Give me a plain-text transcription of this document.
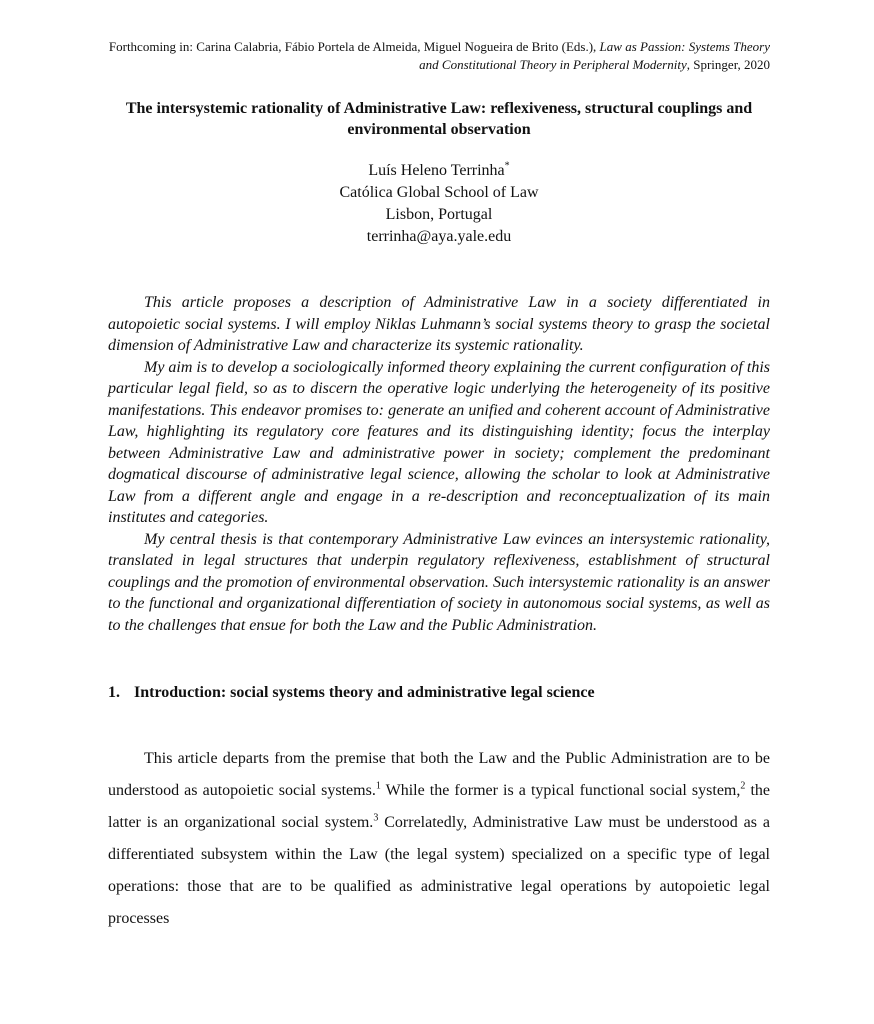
Forthcoming in: Carina Calabria, Fábio Portela de Almeida, Miguel Nogueira de Brito (Eds.), Law as Passion: Systems Theory and Constitutional Theory in Peripheral Modernity, Springer, 2020
The intersystemic rationality of Administrative Law: reflexiveness, structural couplings and environmental observation
Luís Heleno Terrinha*
Católica Global School of Law
Lisbon, Portugal
terrinha@aya.yale.edu

This article proposes a description of Administrative Law in a society differentiated in autopoietic social systems. I will employ Niklas Luhmann’s social systems theory to grasp the societal dimension of Administrative Law and characterize its systemic rationality.

My aim is to develop a sociologically informed theory explaining the current configuration of this particular legal field, so as to discern the operative logic underlying the heterogeneity of its positive manifestations. This endeavor promises to: generate an unified and coherent account of Administrative Law, highlighting its regulatory core features and its distinguishing identity; focus the interplay between Administrative Law and administrative power in society; complement the predominant dogmatical discourse of administrative legal science, allowing the scholar to look at Administrative Law from a different angle and engage in a re-description and reconceptualization of its main institutes and categories.

My central thesis is that contemporary Administrative Law evinces an intersystemic rationality, translated in legal structures that underpin regulatory reflexiveness, establishment of structural couplings and the promotion of environmental observation. Such intersystemic rationality is an answer to the functional and organizational differentiation of society in autonomous social systems, as well as to the challenges that ensue for both the Law and the Public Administration.

1. Introduction: social systems theory and administrative legal science

This article departs from the premise that both the Law and the Public Administration are to be understood as autopoietic social systems.$^1$ While the former is a typical functional social system,$^2$ the latter is an organizational social system.$^3$ Correlatedly, Administrative Law must be understood as a differentiated subsystem within the Law (the legal system) specialized on a specific type of legal operations: those that are to be qualified as administrative legal operations by autopoietic legal processes
